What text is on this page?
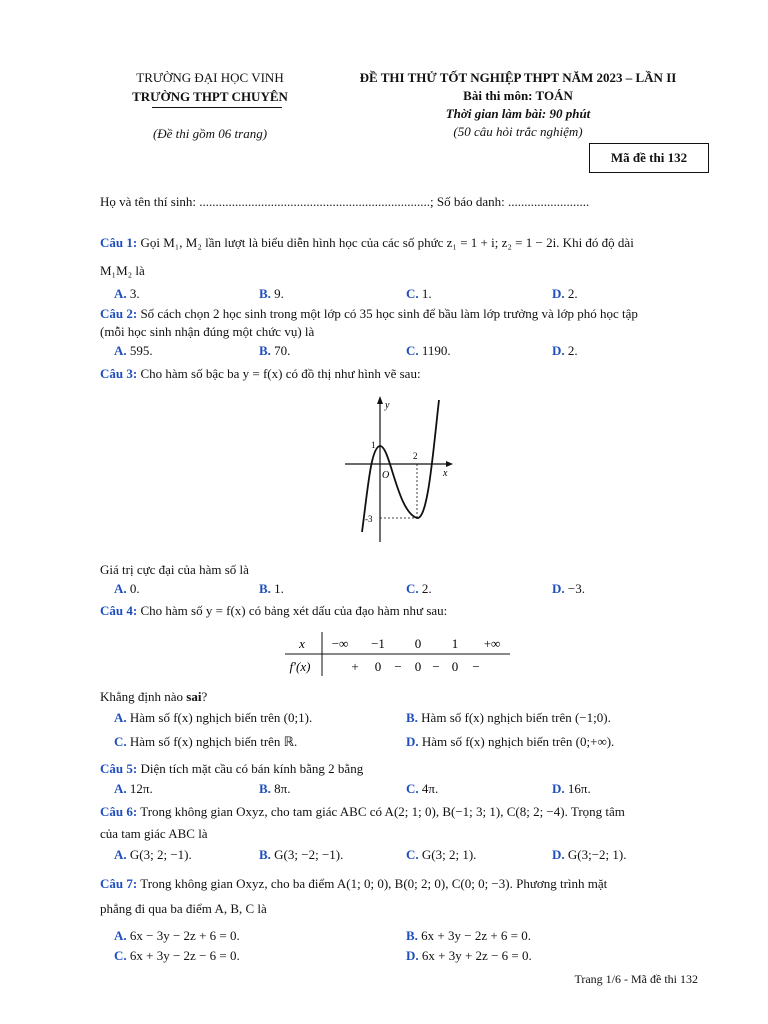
TRƯỜNG ĐẠI HỌC VINH
TRƯỜNG THPT CHUYÊN
(Đề thi gồm 06 trang)
ĐỀ THI THỬ TỐT NGHIỆP THPT NĂM 2023 – LẦN II
Bài thi môn: TOÁN
Thời gian làm bài: 90 phút
(50 câu hỏi trắc nghiệm)
Mã đề thi 132
Họ và tên thí sinh: .......................................................................; Số báo danh: .........................
Câu 1: Gọi M₁, M₂ lần lượt là biểu diễn hình học của các số phức z₁ = 1 + i; z₂ = 1 − 2i. Khi đó độ dài
M₁M₂ là
A. 3.	B. 9.	C. 1.	D. 2.
Câu 2: Số cách chọn 2 học sinh trong một lớp có 35 học sinh để bầu làm lớp trưởng và lớp phó học tập
(mỗi học sinh nhận đúng một chức vụ) là
A. 595.	B. 70.	C. 1190.	D. 2.
Câu 3: Cho hàm số bậc ba y = f(x) có đồ thị như hình vẽ sau:
y
x
O
1
2
-3
Giá trị cực đại của hàm số là
A. 0.	B. 1.	C. 2.	D. −3.
Câu 4: Cho hàm số y = f(x) có bảng xét dấu của đạo hàm như sau:
x −∞ −1 0 1 +∞
f′(x)	+ 0 − 0 − 0 −
Khẳng định nào sai?
A. Hàm số f(x) nghịch biến trên (0;1).	B. Hàm số f(x) nghịch biến trên (−1;0).
C. Hàm số f(x) nghịch biến trên ℝ.	D. Hàm số f(x) nghịch biến trên (0;+∞).
Câu 5: Diện tích mặt cầu có bán kính bằng 2 bằng
A. 12π.	B. 8π.	C. 4π.	D. 16π.
Câu 6: Trong không gian Oxyz, cho tam giác ABC có A(2; 1; 0), B(−1; 3; 1), C(8; 2; −4). Trọng tâm
của tam giác ABC là
A. G(3; 2; −1).	B. G(3; −2; −1).	C. G(3; 2; 1).	D. G(3;−2; 1).
Câu 7: Trong không gian Oxyz, cho ba điểm A(1; 0; 0), B(0; 2; 0), C(0; 0; −3). Phương trình mặt
phẳng đi qua ba điểm A, B, C là
A. 6x − 3y − 2z + 6 = 0.	B. 6x + 3y − 2z + 6 = 0.
C. 6x + 3y − 2z − 6 = 0.	D. 6x + 3y + 2z − 6 = 0.
Trang 1/6 - Mã đề thi 132
